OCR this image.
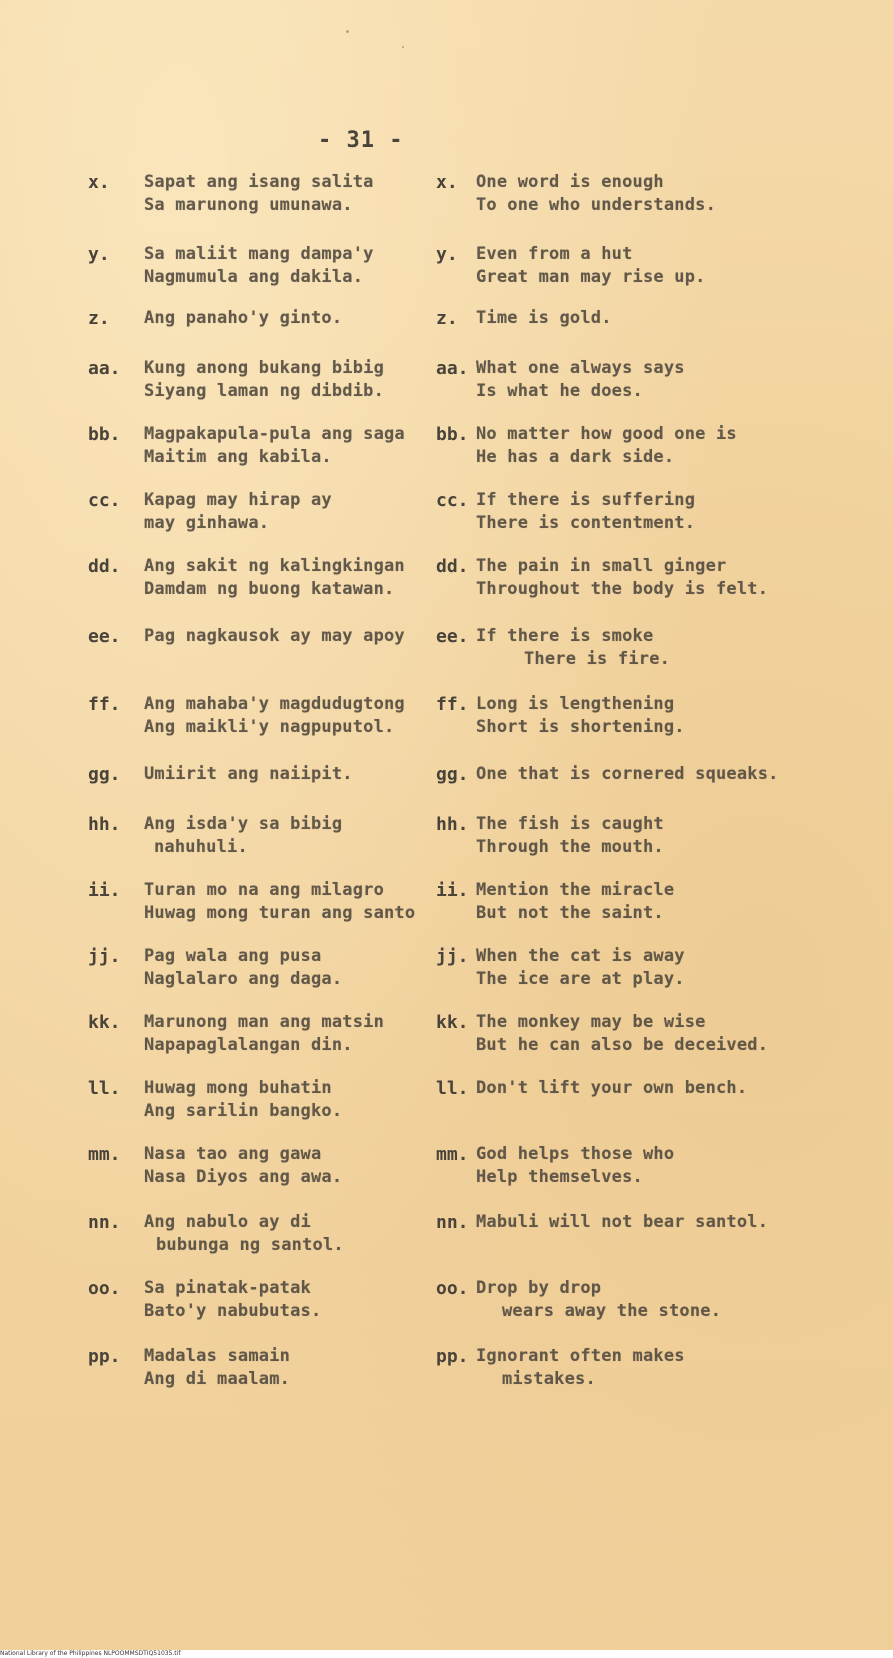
- 31 -
x. Sapat ang isang salita
Sa marunong umunawa.
x. One word is enough
To one who understands.
y. Sa maliit mang dampa'y
Nagmumula ang dakila.
y. Even from a hut
Great man may rise up.
z. Ang panaho'y ginto.	z. Time is gold.
aa. Kung anong bukang bibig
Siyang laman ng dibdib.
aa. What one always says
Is what he does.
bb. Magpakapula-pula ang saga
Maitim ang kabila.
bb. No matter how good one is
He has a dark side.
cc. Kapag may hirap ay
may ginhawa.
cc. If there is suffering
There is contentment.
dd. Ang sakit ng kalingkingan
Damdam ng buong katawan.
dd. The pain in small ginger
Throughout the body is felt.
ee. Pag nagkausok ay may apoy ee. If there is smoke
There is fire.
ff. Ang mahaba'y magdudugtong
Ang maikli'y nagpuputol.
ff. Long is lengthening
Short is shortening.
gg. Umiirit ang naiipit.	gg. One that is cornered squeaks.
hh. Ang isda'y sa bibig
nahuhuli.
hh. The fish is caught
Through the mouth.
ii. Turan mo na ang milagro
Huwag mong turan ang santo
ii. Mention the miracle
But not the saint.
jj. Pag wala ang pusa
Naglalaro ang daga.
jj. When the cat is away
The ice are at play.
kk. Marunong man ang matsin
Napapaglalangan din.
kk. The monkey may be wise
But he can also be deceived.
ll. Huwag mong buhatin
Ang sarilin bangko.
ll. Don't lift your own bench.
mm. Nasa tao ang gawa
Nasa Diyos ang awa.
mm. God helps those who
Help themselves.
nn. Ang nabulo ay di
bubunga ng santol.
nn. Mabuli will not bear santol.
oo. Sa pinatak-patak
Bato'y nabubutas.
oo. Drop by drop
wears away the stone.
pp. Madalas samain
Ang di maalam.
pp. Ignorant often makes
mistakes.
National Library of the Philippines NLPOOMMSDTIQ51035.tif
